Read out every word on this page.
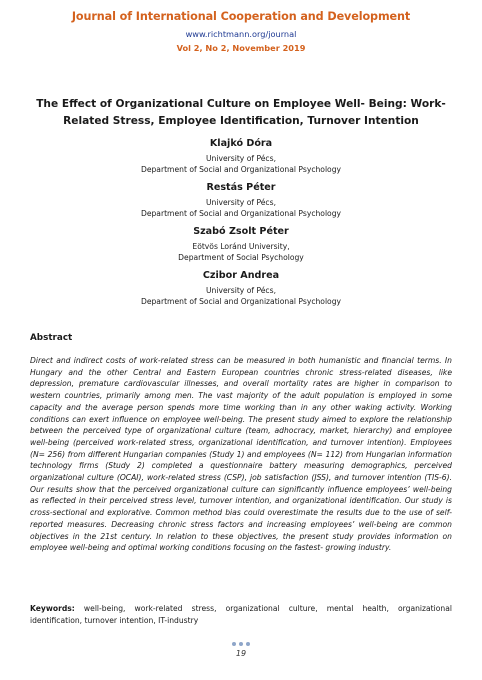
Journal of International Cooperation and Development
www.richtmann.org/journal
Vol 2, No 2, November 2019
The Effect of Organizational Culture on Employee Well- Being: Work-
Related Stress, Employee Identification, Turnover Intention
Klajkó Dóra
University of Pécs,
Department of Social and Organizational Psychology
Restás Péter
University of Pécs,
Department of Social and Organizational Psychology
Szabó Zsolt Péter
Eötvös Loránd University,
Department of Social Psychology
Czibor Andrea
University of Pécs,
Department of Social and Organizational Psychology
Abstract
Direct and indirect costs of work-related stress can be measured in both humanistic and financial terms. In Hungary and the other Central and Eastern European countries chronic stress-related diseases, like depression, premature cardiovascular illnesses, and overall mortality rates are higher in comparison to western countries, primarily among men. The vast majority of the adult population is employed in some capacity and the average person spends more time working than in any other waking activity. Working conditions can exert influence on employee well-being. The present study aimed to explore the relationship between the perceived type of organizational culture (team, adhocracy, market, hierarchy) and employee well-being (perceived work-related stress, organizational identification, and turnover intention). Employees (N= 256) from different Hungarian companies (Study 1) and employees (N= 112) from Hungarian information technology firms (Study 2) completed a questionnaire battery measuring demographics, perceived organizational culture (OCAI), work-related stress (CSP), job satisfaction (JSS), and turnover intention (TIS-6). Our results show that the perceived organizational culture can significantly influence employees’ well-being as reflected in their perceived stress level, turnover intention, and organizational identification. Our study is cross-sectional and explorative. Common method bias could overestimate the results due to the use of self-reported measures. Decreasing chronic stress factors and increasing employees’ well-being are common objectives in the 21st century. In relation to these objectives, the present study provides information on employee well-being and optimal working conditions focusing on the fastest- growing industry.
Keywords: well-being, work-related stress, organizational culture, mental health, organizational identification, turnover intention, IT-industry
19
